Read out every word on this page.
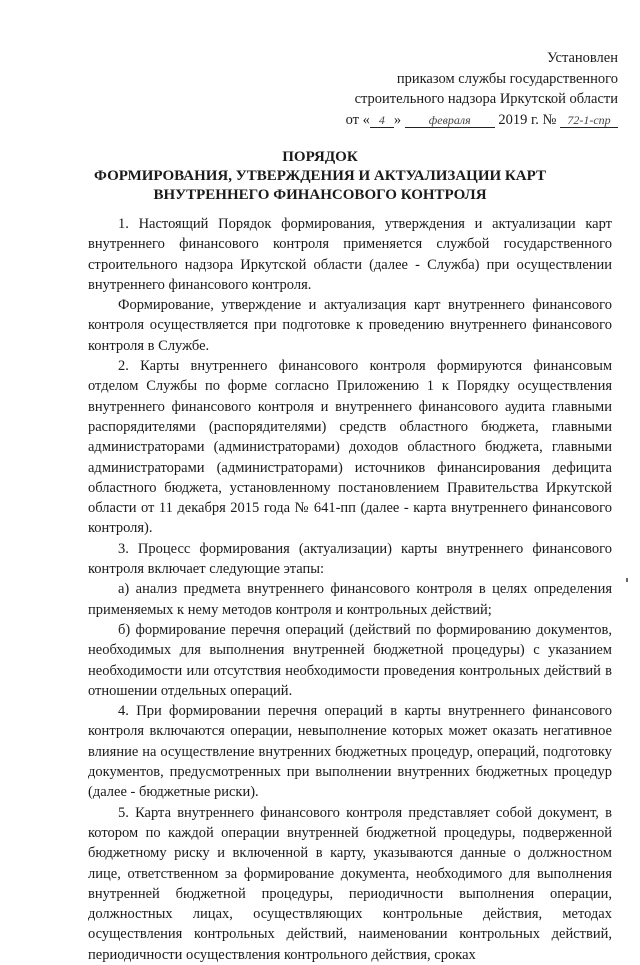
Установлен
приказом службы государственного
строительного надзора Иркутской области
от « 4 » февраля 2019 г. № 72-1-спр
ПОРЯДОК
ФОРМИРОВАНИЯ, УТВЕРЖДЕНИЯ И АКТУАЛИЗАЦИИ КАРТ
ВНУТРЕННЕГО ФИНАНСОВОГО КОНТРОЛЯ

1. Настоящий Порядок формирования, утверждения и актуализации карт внутреннего финансового контроля применяется службой государственного строительного надзора Иркутской области (далее - Служба) при осуществлении внутреннего финансового контроля.

Формирование, утверждение и актуализация карт внутреннего финансового контроля осуществляется при подготовке к проведению внутреннего финансового контроля в Службе.

2. Карты внутреннего финансового контроля формируются финансовым отделом Службы по форме согласно Приложению 1 к Порядку осуществления внутреннего финансового контроля и внутреннего финансового аудита главными распорядителями (распорядителями) средств областного бюджета, главными администраторами (администраторами) доходов областного бюджета, главными администраторами (администраторами) источников финансирования дефицита областного бюджета, установленному постановлением Правительства Иркутской области от 11 декабря 2015 года № 641-пп (далее - карта внутреннего финансового контроля).

3. Процесс формирования (актуализации) карты внутреннего финансового контроля включает следующие этапы:

а) анализ предмета внутреннего финансового контроля в целях определения применяемых к нему методов контроля и контрольных действий;

б) формирование перечня операций (действий по формированию документов, необходимых для выполнения внутренней бюджетной процедуры) с указанием необходимости или отсутствия необходимости проведения контрольных действий в отношении отдельных операций.

4. При формировании перечня операций в карты внутреннего финансового контроля включаются операции, невыполнение которых может оказать негативное влияние на осуществление внутренних бюджетных процедур, операций, подготовку документов, предусмотренных при выполнении внутренних бюджетных процедур (далее - бюджетные риски).

5. Карта внутреннего финансового контроля представляет собой документ, в котором по каждой операции внутренней бюджетной процедуры, подверженной бюджетному риску и включенной в карту, указываются данные о должностном лице, ответственном за формирование документа, необходимого для выполнения внутренней бюджетной процедуры, периодичности выполнения операции, должностных лицах, осуществляющих контрольные действия, методах осуществления контрольных действий, наименовании контрольных действий, периодичности осуществления контрольного действия, сроках
